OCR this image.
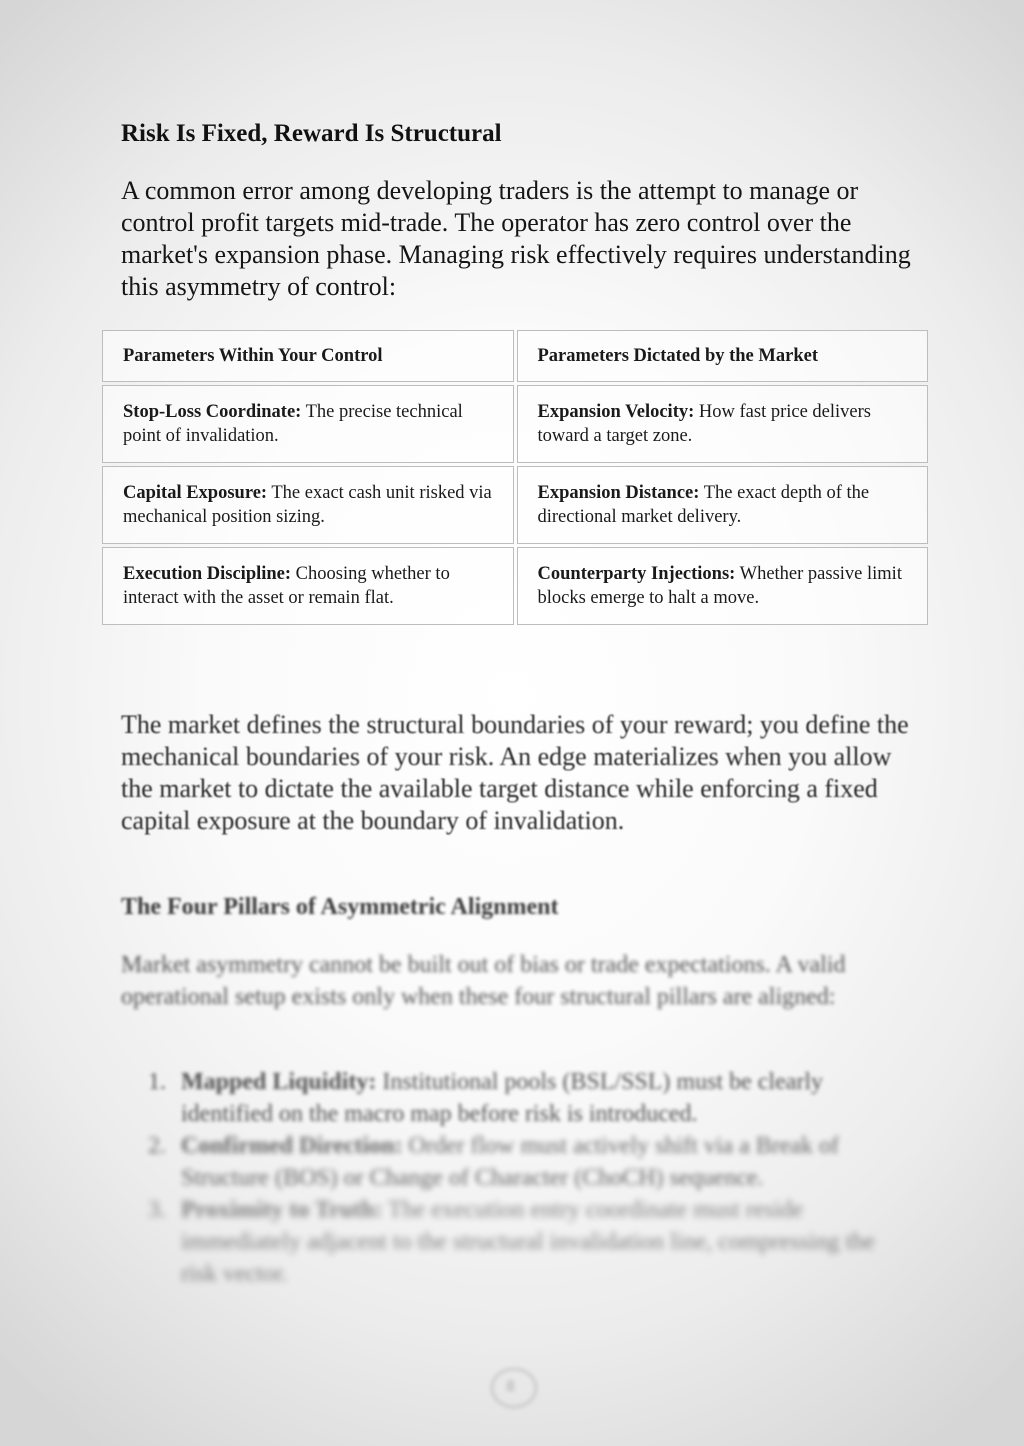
Risk Is Fixed, Reward Is Structural

A common error among developing traders is the attempt to manage or control profit targets mid-trade. The operator has zero control over the market's expansion phase. Managing risk effectively requires understanding this asymmetry of control:

Parameters Within Your Control	Parameters Dictated by the Market
Stop-Loss Coordinate: The precise technical point of invalidation.	Expansion Velocity: How fast price delivers toward a target zone.
Capital Exposure: The exact cash unit risked via mechanical position sizing.	Expansion Distance: The exact depth of the directional market delivery.
Execution Discipline: Choosing whether to interact with the asset or remain flat.	Counterparty Injections: Whether passive limit blocks emerge to halt a move.

The market defines the structural boundaries of your reward; you define the mechanical boundaries of your risk. An edge materializes when you allow the market to dictate the available target distance while enforcing a fixed capital exposure at the boundary of invalidation.

The Four Pillars of Asymmetric Alignment

Market asymmetry cannot be built out of bias or trade expectations. A valid operational setup exists only when these four structural pillars are aligned:

1. Mapped Liquidity: Institutional pools (BSL/SSL) must be clearly identified on the macro map before risk is introduced.
2. Confirmed Direction: Order flow must actively shift via a Break of Structure (BOS) or Change of Character (ChoCH) sequence.
3. Proximity to Truth: The execution entry coordinate must reside immediately adjacent to the structural invalidation line, compressing the risk vector.
8
